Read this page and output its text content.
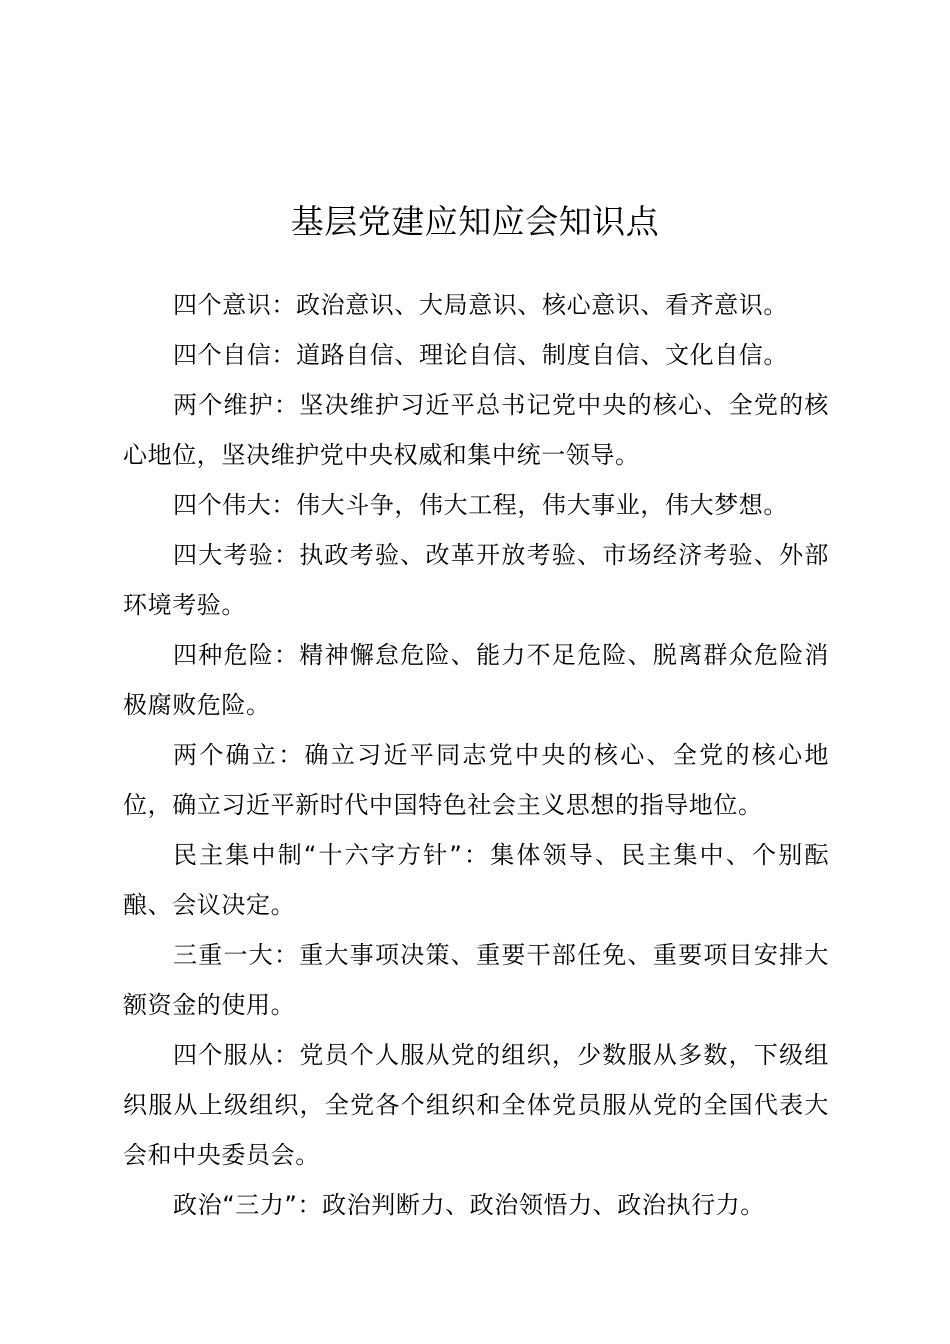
基层党建应知应会知识点

四个意识：政治意识、大局意识、核心意识、看齐意识。

四个自信：道路自信、理论自信、制度自信、文化自信。

两个维护：坚决维护习近平总书记党中央的核心、全党的核心地位，坚决维护党中央权威和集中统一领导。

四个伟大：伟大斗争，伟大工程，伟大事业，伟大梦想。

四大考验：执政考验、改革开放考验、市场经济考验、外部环境考验。

四种危险：精神懈怠危险、能力不足危险、脱离群众危险消极腐败危险。

两个确立：确立习近平同志党中央的核心、全党的核心地位，确立习近平新时代中国特色社会主义思想的指导地位。

民主集中制“十六字方针”：集体领导、民主集中、个别酝酿、会议决定。

三重一大：重大事项决策、重要干部任免、重要项目安排大额资金的使用。

四个服从：党员个人服从党的组织，少数服从多数，下级组织服从上级组织，全党各个组织和全体党员服从党的全国代表大会和中央委员会。

政治“三力”：政治判断力、政治领悟力、政治执行力。
